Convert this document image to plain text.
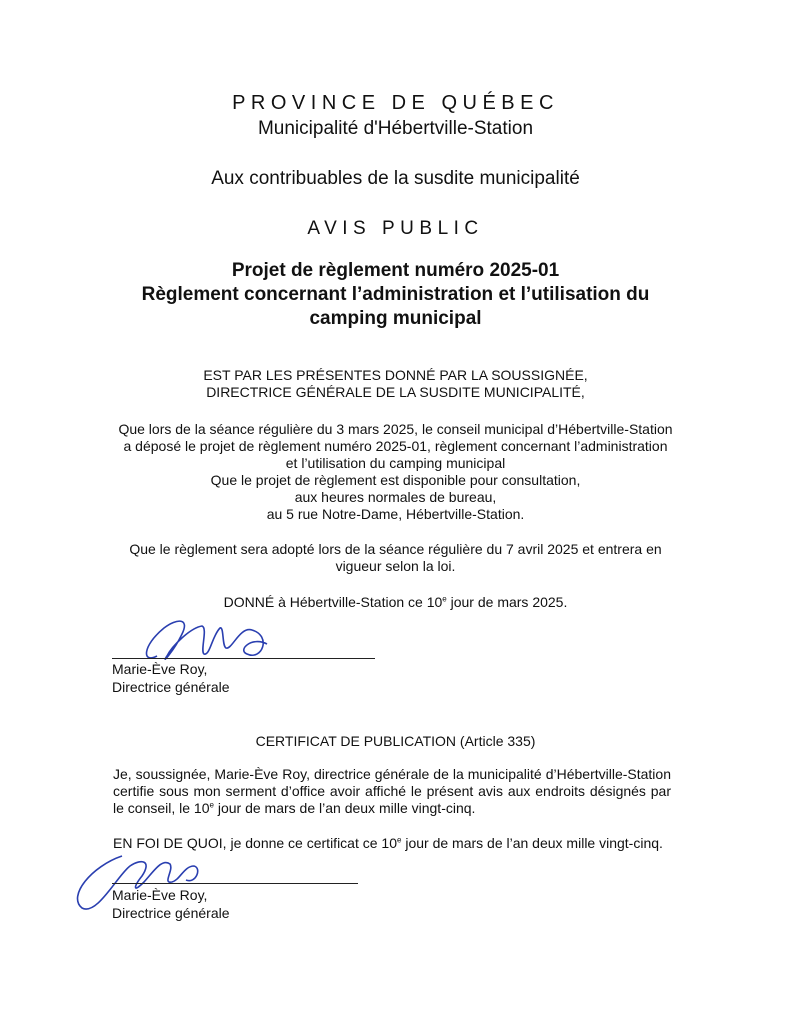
PROVINCE DE QUÉBEC
Municipalité d'Hébertville-Station
Aux contribuables de la susdite municipalité
AVIS PUBLIC
Projet de règlement numéro 2025-01
Règlement concernant l’administration et l’utilisation du
camping municipal
EST PAR LES PRÉSENTES DONNÉ PAR LA SOUSSIGNÉE,
DIRECTRICE GÉNÉRALE DE LA SUSDITE MUNICIPALITÉ,
Que lors de la séance régulière du 3 mars 2025, le conseil municipal d’Hébertville-Station
a déposé le projet de règlement numéro 2025-01, règlement concernant l’administration
et l’utilisation du camping municipal
Que le projet de règlement est disponible pour consultation,
aux heures normales de bureau,
au 5 rue Notre-Dame, Hébertville-Station.
Que le règlement sera adopté lors de la séance régulière du 7 avril 2025 et entrera en
vigueur selon la loi.
DONNÉ à Hébertville-Station ce 10e jour de mars 2025.
Marie-Ève Roy,
Directrice générale
CERTIFICAT DE PUBLICATION (Article 335)
Je, soussignée, Marie-Ève Roy, directrice générale de la municipalité d’Hébertville-Station certifie sous mon serment d’office avoir affiché le présent avis aux endroits désignés par le conseil, le 10e jour de mars de l’an deux mille vingt-cinq.
EN FOI DE QUOI, je donne ce certificat ce 10e jour de mars de l’an deux mille vingt-cinq.
Marie-Ève Roy,
Directrice générale
